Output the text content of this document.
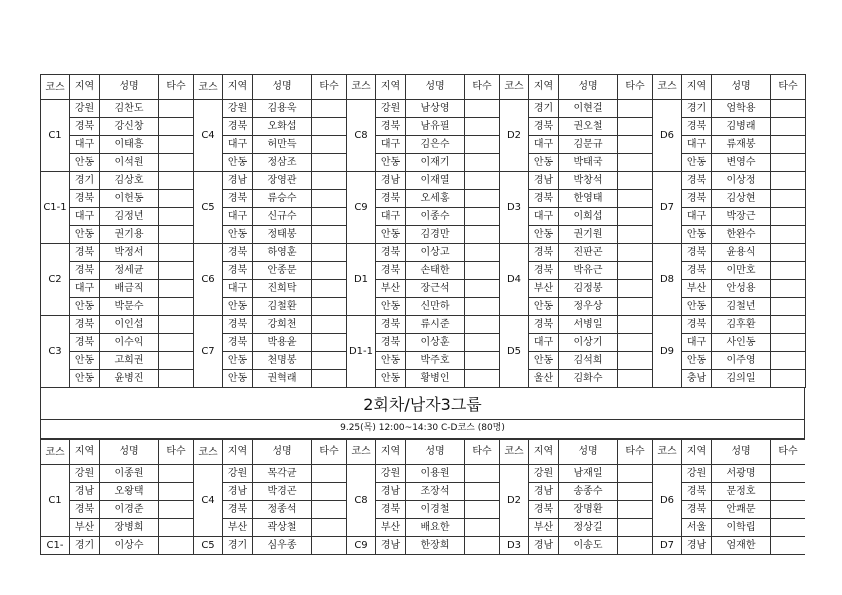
코스	지역	성명	타수	코스	지역	성명	타수	코스	지역	성명	타수	코스	지역	성명	타수	코스	지역	성명	타수
C1	강원	김찬도		C4	강원	김용욱		C8	강원	남상영		D2	경기	이현걸		D6	경기	엄학용	
	경북	강신창			경북	오화섭			경북	남유필			경북	권오철			경북	김병래	
	대구	이태흥			대구	허만득			대구	김은수			대구	김문규			대구	류재봉	
	안동	이석원			안동	정삼조			안동	이재기			안동	박태국			안동	변영수	
C1-1	경기	김상호		C5	경남	장영관		C9	경남	이재열		D3	경남	박창석		D7	경북	이상정	
	경북	이헌동			경북	류승수			경북	오세홍			경북	한영태			경북	김상현	
	대구	김정년			대구	신규수			대구	이종수			대구	이희섭			대구	박장근	
	안동	권기용			안동	정태봉			안동	김경만			안동	권기원			안동	한완수	
C2	경북	박정서		C6	경북	하영훈		D1	경북	이상고		D4	경북	진판곤		D8	경북	윤용식	
	경북	정세균			경북	안종문			경북	손태한			경북	박유근			경북	이만호	
	대구	배금직			대구	진희탁			부산	장근석			부산	김정봉			부산	안성용	
	안동	박문수			안동	김철환			안동	신만하			안동	정우상			안동	김철년	
C3	경북	이인섭		C7	경북	강희천		D1-1	경북	류시준		D5	경북	서병일		D9	경북	김후환	
	경북	이수익			경북	박용윤			경북	이상훈			대구	이상기			대구	사인동	
	안동	고희권			안동	천명봉			안동	박주호			안동	김석희			안동	이주영	
	안동	윤병진			안동	권혁래			안동	황병인			울산	김화수			충남	김의일	
2회차/남자3그룹
9.25(목) 12:00~14:30 C-D코스 (80명)
코스	지역	성명	타수	코스	지역	성명	타수	코스	지역	성명	타수	코스	지역	성명	타수	코스	지역	성명	타수
C1	강원	이종원		C4	강원	목각균		C8	강원	이용원		D2	강원	남재일		D6	강원	서광명	
	경남	오왕택			경남	박경곤			경남	조장석			경남	송종수			경북	문정호	
	경북	이경준			경북	정종석			경북	이경철			경북	장명환			경북	안쾌문	
	부산	장병희			부산	곽상철			부산	배요한			부산	정상길			서울	이학립	
C1-	경기	이상수		C5	경기	심우종		C9	경남	한장희		D3	경남	이송도		D7	경남	엄재한	
